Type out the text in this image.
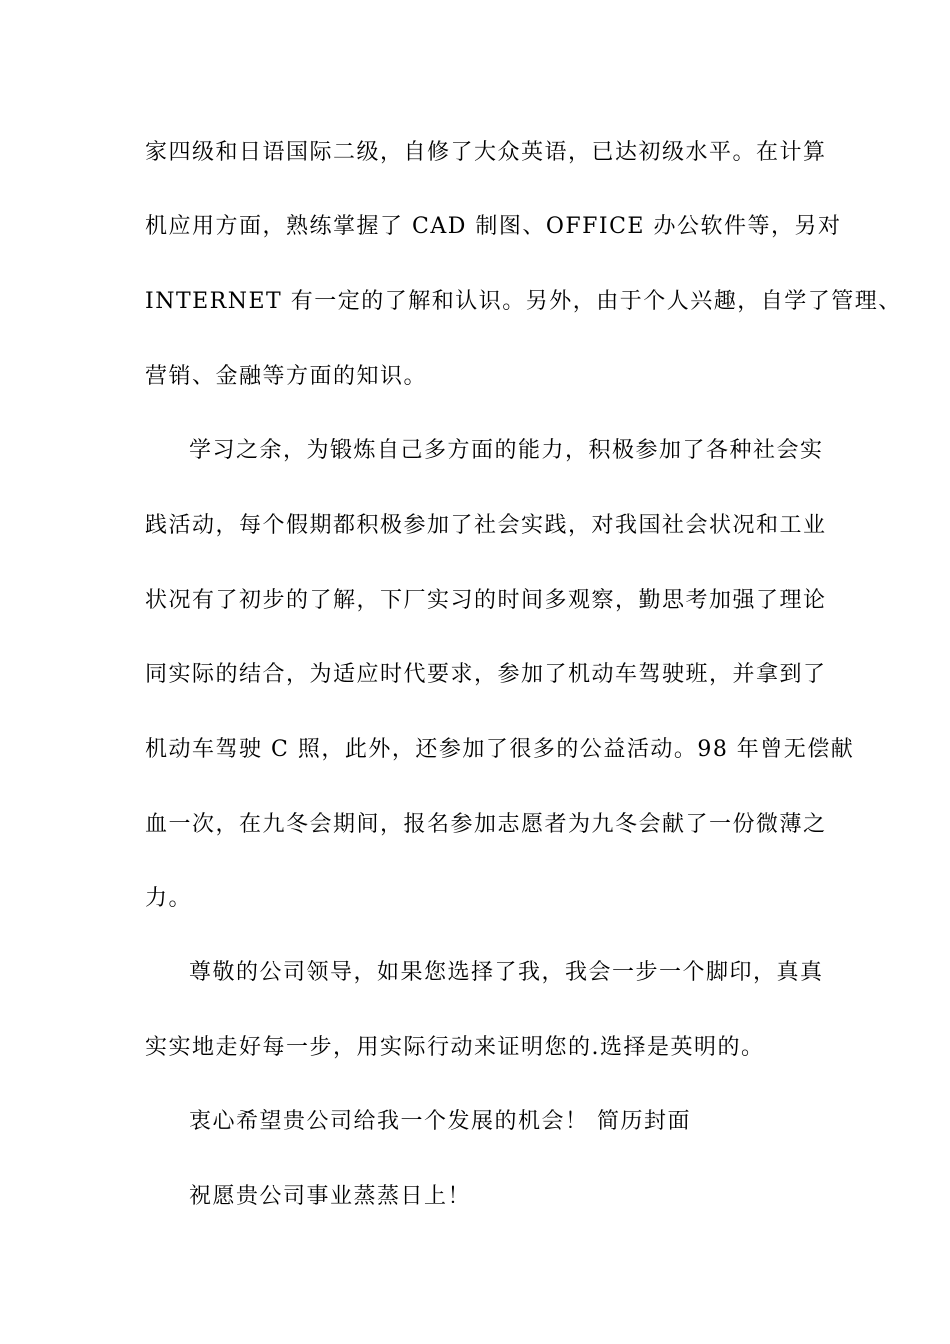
家四级和日语国际二级，自修了大众英语，已达初级水平。在计算
机应用方面，熟练掌握了 CAD 制图、OFFICE 办公软件等，另对
INTERNET 有一定的了解和认识。另外，由于个人兴趣，自学了管理、
营销、金融等方面的知识。
学习之余，为锻炼自己多方面的能力，积极参加了各种社会实
践活动，每个假期都积极参加了社会实践，对我国社会状况和工业
状况有了初步的了解，下厂实习的时间多观察，勤思考加强了理论
同实际的结合，为适应时代要求，参加了机动车驾驶班，并拿到了
机动车驾驶 C 照，此外，还参加了很多的公益活动。98 年曾无偿献
血一次，在九冬会期间，报名参加志愿者为九冬会献了一份微薄之
力。
尊敬的公司领导，如果您选择了我，我会一步一个脚印，真真
实实地走好每一步，用实际行动来证明您的.选择是英明的。
衷心希望贵公司给我一个发展的机会！ 简历封面
祝愿贵公司事业蒸蒸日上！
